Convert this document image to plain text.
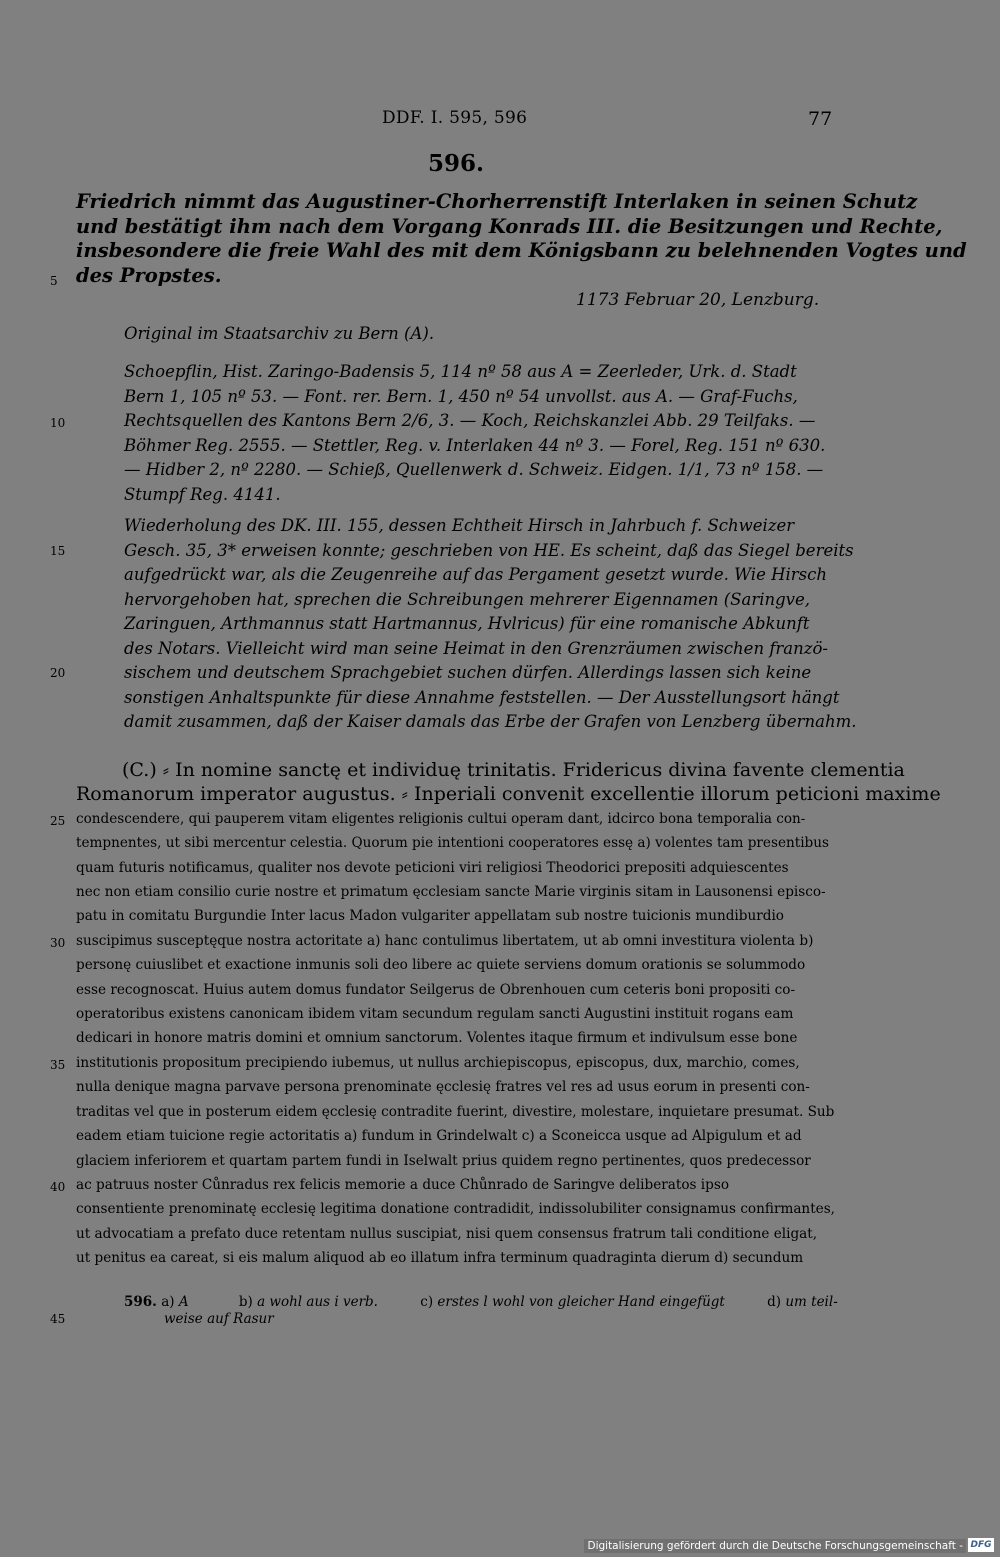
DDF. I. 595, 596	77
596.
Friedrich nimmt das Augustiner-Chorherrenstift Interlaken in seinen Schutz
und bestätigt ihm nach dem Vorgang Konrads III. die Besitzungen und Rechte,
insbesondere die freie Wahl des mit dem Königsbann zu belehnenden Vogtes und
des Propstes.
1173 Februar 20, Lenzburg.
Original im Staatsarchiv zu Bern (A).
Schoepflin, Hist. Zaringo-Badensis 5, 114 nº 58 aus A = Zeerleder, Urk. d. Stadt
Bern 1, 105 nº 53. — Font. rer. Bern. 1, 450 nº 54 unvollst. aus A. — Graf-Fuchs,
Rechtsquellen des Kantons Bern 2/6, 3. — Koch, Reichskanzlei Abb. 29 Teilfaks. —
Böhmer Reg. 2555. — Stettler, Reg. v. Interlaken 44 nº 3. — Forel, Reg. 151 nº 630.
— Hidber 2, nº 2280. — Schieß, Quellenwerk d. Schweiz. Eidgen. 1/1, 73 nº 158. —
Stumpf Reg. 4141.
Wiederholung des DK. III. 155, dessen Echtheit Hirsch in Jahrbuch f. Schweizer
Gesch. 35, 3* erweisen konnte; geschrieben von HE. Es scheint, daß das Siegel bereits
aufgedrückt war, als die Zeugenreihe auf das Pergament gesetzt wurde. Wie Hirsch
hervorgehoben hat, sprechen die Schreibungen mehrerer Eigennamen (Saringve,
Zaringuen, Arthmannus statt Hartmannus, Hvlricus) für eine romanische Abkunft
des Notars. Vielleicht wird man seine Heimat in den Grenzräumen zwischen franzö-
sischem und deutschem Sprachgebiet suchen dürfen. Allerdings lassen sich keine
sonstigen Anhaltspunkte für diese Annahme feststellen. — Der Ausstellungsort hängt
damit zusammen, daß der Kaiser damals das Erbe der Grafen von Lenzberg übernahm.
(C.) ⸗ In nomine sanctę et individuę trinitatis. Fridericus divina favente clementia
Romanorum imperator augustus. ⸗ Inperiali convenit excellentie illorum peticioni maxime
condescendere, qui pauperem vitam eligentes religionis cultui operam dant, idcirco bona temporalia con-
tempnentes, ut sibi mercentur celestia. Quorum pie intentioni cooperatores essę a) volentes tam presentibus
quam futuris notificamus, qualiter nos devote peticioni viri religiosi Theodorici prepositi adquiescentes
nec non etiam consilio curie nostre et primatum ęcclesiam sancte Marie virginis sitam in Lausonensi episco-
patu in comitatu Burgundie Inter lacus Madon vulgariter appellatam sub nostre tuicionis mundiburdio
suscipimus susceptęque nostra actoritate a) hanc contulimus libertatem, ut ab omni investitura violenta b)
personę cuiuslibet et exactione inmunis soli deo libere ac quiete serviens domum orationis se solummodo
esse recognoscat. Huius autem domus fundator Seilgerus de Obrenhouen cum ceteris boni propositi co-
operatoribus existens canonicam ibidem vitam secundum regulam sancti Augustini instituit rogans eam
dedicari in honore matris domini et omnium sanctorum. Volentes itaque firmum et indivulsum esse bone
institutionis propositum precipiendo iubemus, ut nullus archiepiscopus, episcopus, dux, marchio, comes,
nulla denique magna parvave persona prenominate ęcclesię fratres vel res ad usus eorum in presenti con-
traditas vel que in posterum eidem ęcclesię contradite fuerint, divestire, molestare, inquietare presumat. Sub
eadem etiam tuicione regie actoritatis a) fundum in Grindelwalt c) a Sconeicca usque ad Alpigulum et ad
glaciem inferiorem et quartam partem fundi in Iselwalt prius quidem regno pertinentes, quos predecessor
ac patruus noster Cůnradus rex felicis memorie a duce Chůnrado de Saringve deliberatos ipso
consentiente prenominatę ecclesię legitima donatione contradidit, indissolubiliter consignamus confirmantes,
ut advocatiam a prefato duce retentam nullus suscipiat, nisi quem consensus fratrum tali conditione eligat,
ut penitus ea careat, si eis malum aliquod ab eo illatum infra terminum quadraginta dierum d) secundum
5
10
15
20
25
30
35
40
45
596. a) A	b) a wohl aus i verb.	c) erstes l wohl von gleicher Hand eingefügt	d) um teil-
weise auf Rasur
Digitalisierung gefördert durch die Deutsche Forschungsgemeinschaft - DFG
